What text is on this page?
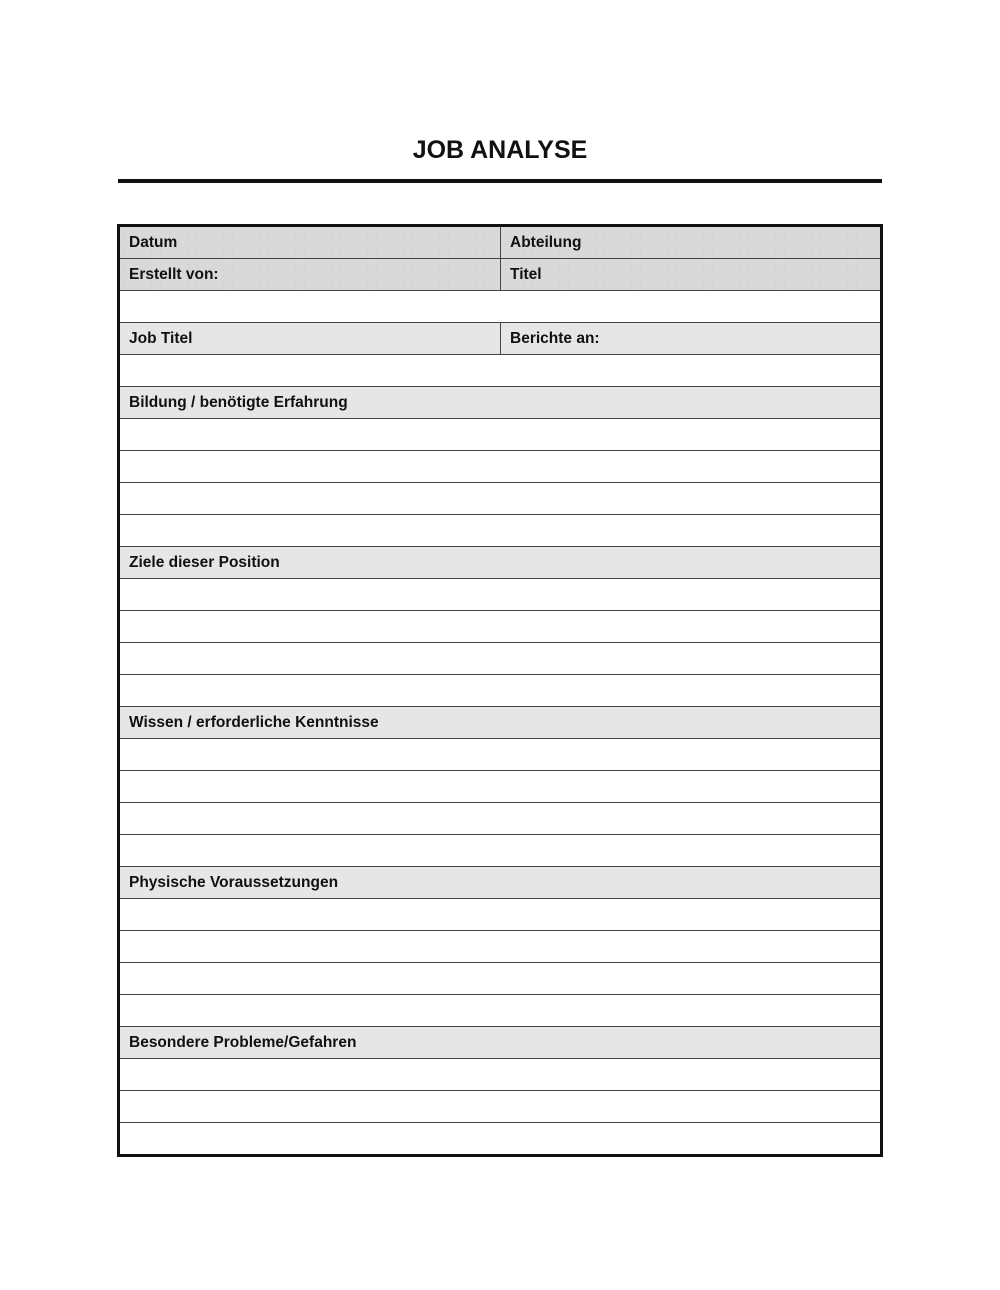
JOB ANALYSE
Datum	Abteilung
Erstellt von:	Titel
Job Titel	Berichte an:
Bildung / benötigte Erfahrung
Ziele dieser Position
Wissen / erforderliche Kenntnisse
Physische Voraussetzungen
Besondere Probleme/Gefahren
